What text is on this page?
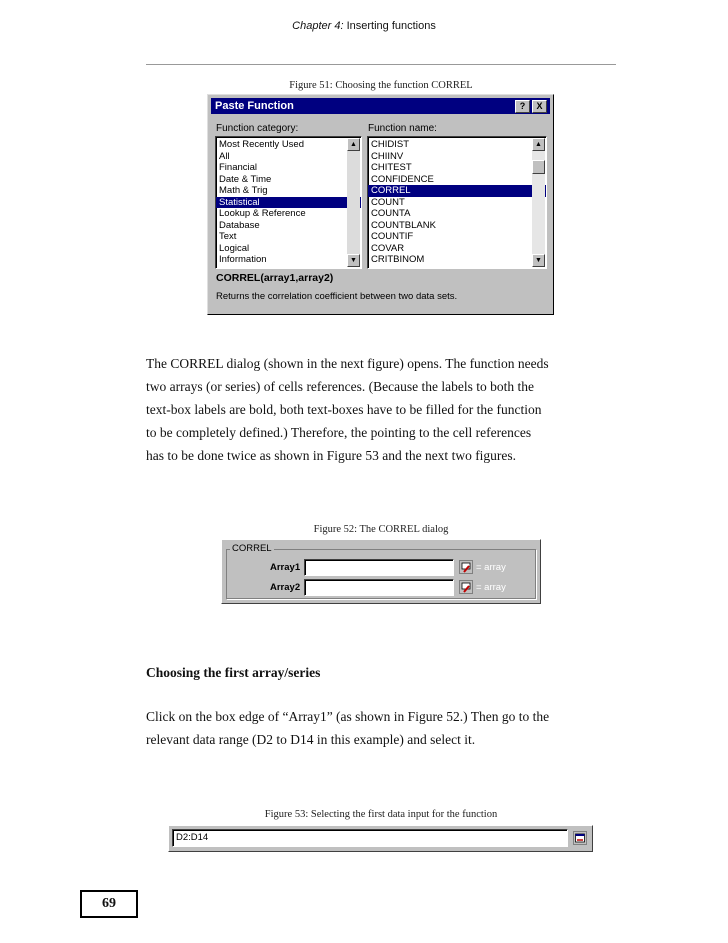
Chapter 4: Inserting functions
Figure 51: Choosing the function CORREL
Paste Function	?	X
Function category:	Function name:
Most Recently Used
All
Financial
Date & Time
Math & Trig
Statistical
Lookup & Reference
Database
Text
Logical
Information
▲
▼
CHIDIST
CHIINV
CHITEST
CONFIDENCE
CORREL
COUNT
COUNTA
COUNTBLANK
COUNTIF
COVAR
CRITBINOM
▲
▼
CORREL(array1,array2)
Returns the correlation coefficient between two data sets.
The CORREL dialog (shown in the next figure) opens. The function needs
two arrays (or series) of cells references. (Because the labels to both the
text-box labels are bold, both text-boxes have to be filled for the function
to be completely defined.) Therefore, the pointing to the cell references
has to be done twice as shown in Figure 53 and the next two figures.
Figure 52: The CORREL dialog
CORREL
Array1	= array
Array2	= array
Choosing the first array/series
Click on the box edge of “Array1” (as shown in Figure 52.) Then go to the
relevant data range (D2 to D14 in this example) and select it.
Figure 53: Selecting the first data input for the function
D2:D14
69
